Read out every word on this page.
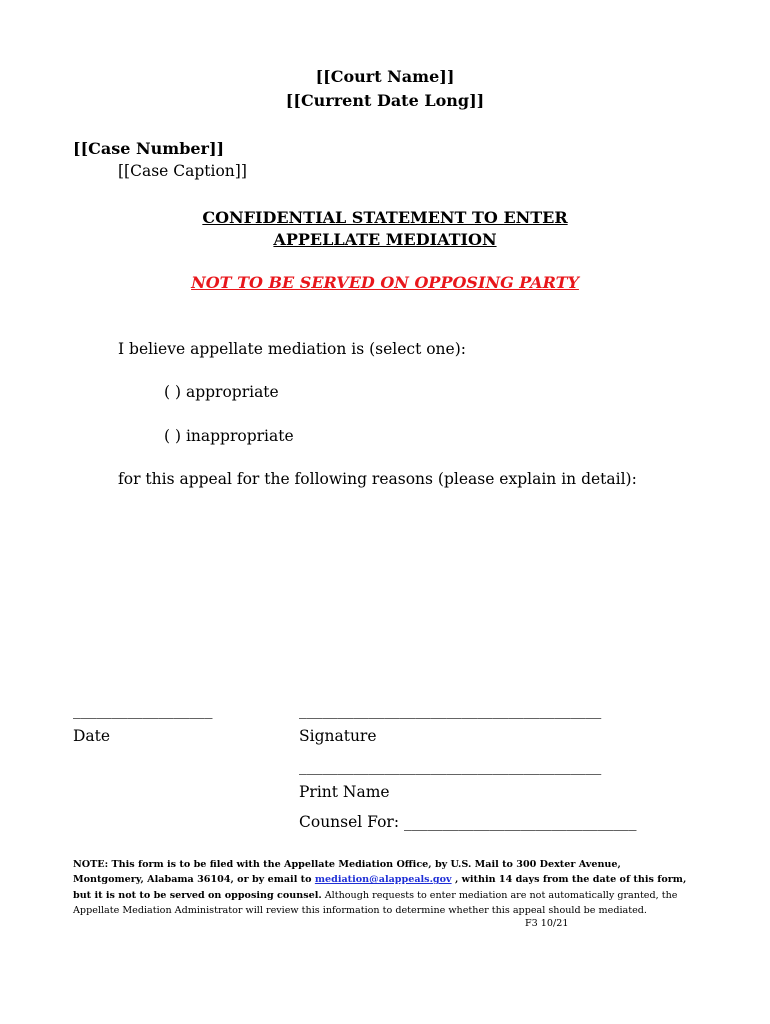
[[Court Name]]
[[Current Date Long]]
[[Case Number]]
[[Case Caption]]
CONFIDENTIAL STATEMENT TO ENTER
APPELLATE MEDIATION
NOT TO BE SERVED ON OPPOSING PARTY
I believe appellate mediation is (select one):
( ) appropriate
( ) inappropriate
for this appeal for the following reasons (please explain in detail):
__________________	_______________________________________
Date	Signature
_______________________________________
Print Name
Counsel For: ______________________________
NOTE: This form is to be filed with the Appellate Mediation Office, by U.S. Mail to 300 Dexter Avenue, Montgomery, Alabama 36104, or by email to mediation@alappeals.gov , within 14 days from the date of this form, but it is not to be served on opposing counsel. Although requests to enter mediation are not automatically granted, the Appellate Mediation Administrator will review this information to determine whether this appeal should be mediated.
F3 10/21
